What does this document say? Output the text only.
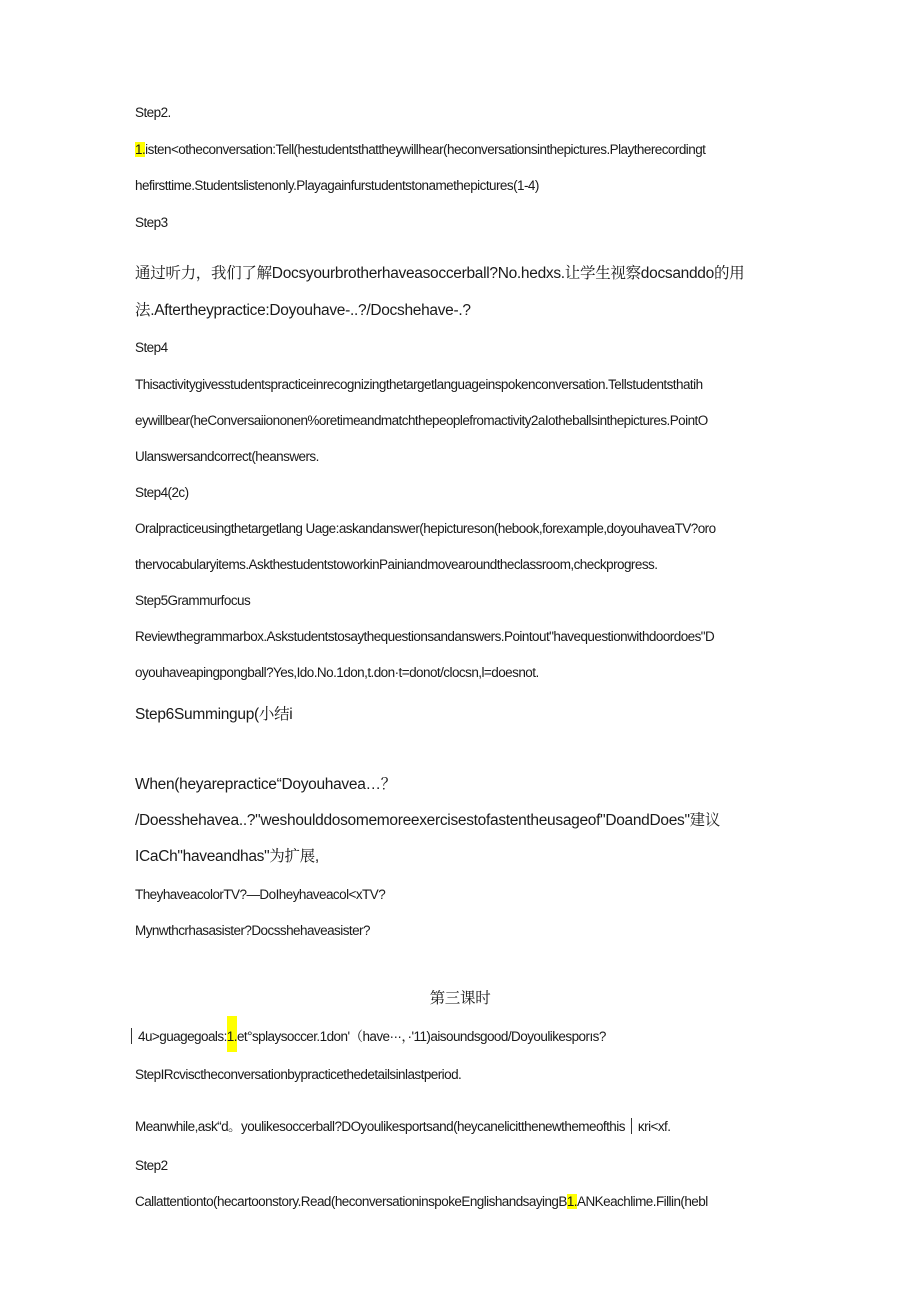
Step2.
1.isten<otheconversation:Tell(hestudentsthattheywillhear(heconversationsinthepictures.Playtherecordingt
hefirsttime.Studentslistenonly.Playagainfurstudentstonamethepictures(1-4)
Step3
通过听力，我们了解Docsyourbrotherhaveasoccerball?No.hedxs.让学生视察docsanddo的用
法.Aftertheypractice:Doyouhave-..?/Docshehave-.?
Step4
Thisactivitygivesstudentspracticeinrecognizingthetargetlanguageinspokenconversation.Tellstudentsthatih
eywillbear(heConversaiiononen%oretimeandmatchthepeoplefromactivity2aIotheballsinthepictures.PointO
Ulanswersandcorrect(heanswers.
Step4(2c)
Oralpracticeusingthetargetlang Uage:askandanswer(hepictureson(hebook,forexample,doyouhaveaTV?oro
thervocabularyitems.AskthestudentstoworkinPainiandmovearoundtheclassroom,checkprogress.
Step5Grammurfocus
Reviewthegrammarbox.Askstudentstosaythequestionsandanswers.Pointout"havequestionwithdoordoes"D
oyouhaveapingpongball?Yes,Ido.No.1don,t.don·t=donot/clocsn,l=doesnot.
Step6Summingup(小结i
When(heyarepractice“Doyouhavea…？
/Doesshehavea..?"weshoulddosomemoreexercisestofastentheusageof"DoandDoes"建议
ICaCh"haveandhas"为扩展,
TheyhaveacolorTV?—DoIheyhaveacol<xTV?
Mynwthcrhasasister?Docsshehaveasister?
第三课时
4u>guagegoals:1.et°splaysoccer.1don'（have···，·'11)aisoundsgood/Doyoulikesporıs?
StepIRcvisctheconversationbypracticethedetailsinlastperiod.
Meanwhile,ask“d。youlikesoccerball?DOyoulikesportsand(heycanelicitthenewthemeofthis κri<xf.
Step2
Callattentionto(hecartoonstory.Read(heconversationinspokeEnglishandsayingB1.ANKeachlime.Fillin(hebl
